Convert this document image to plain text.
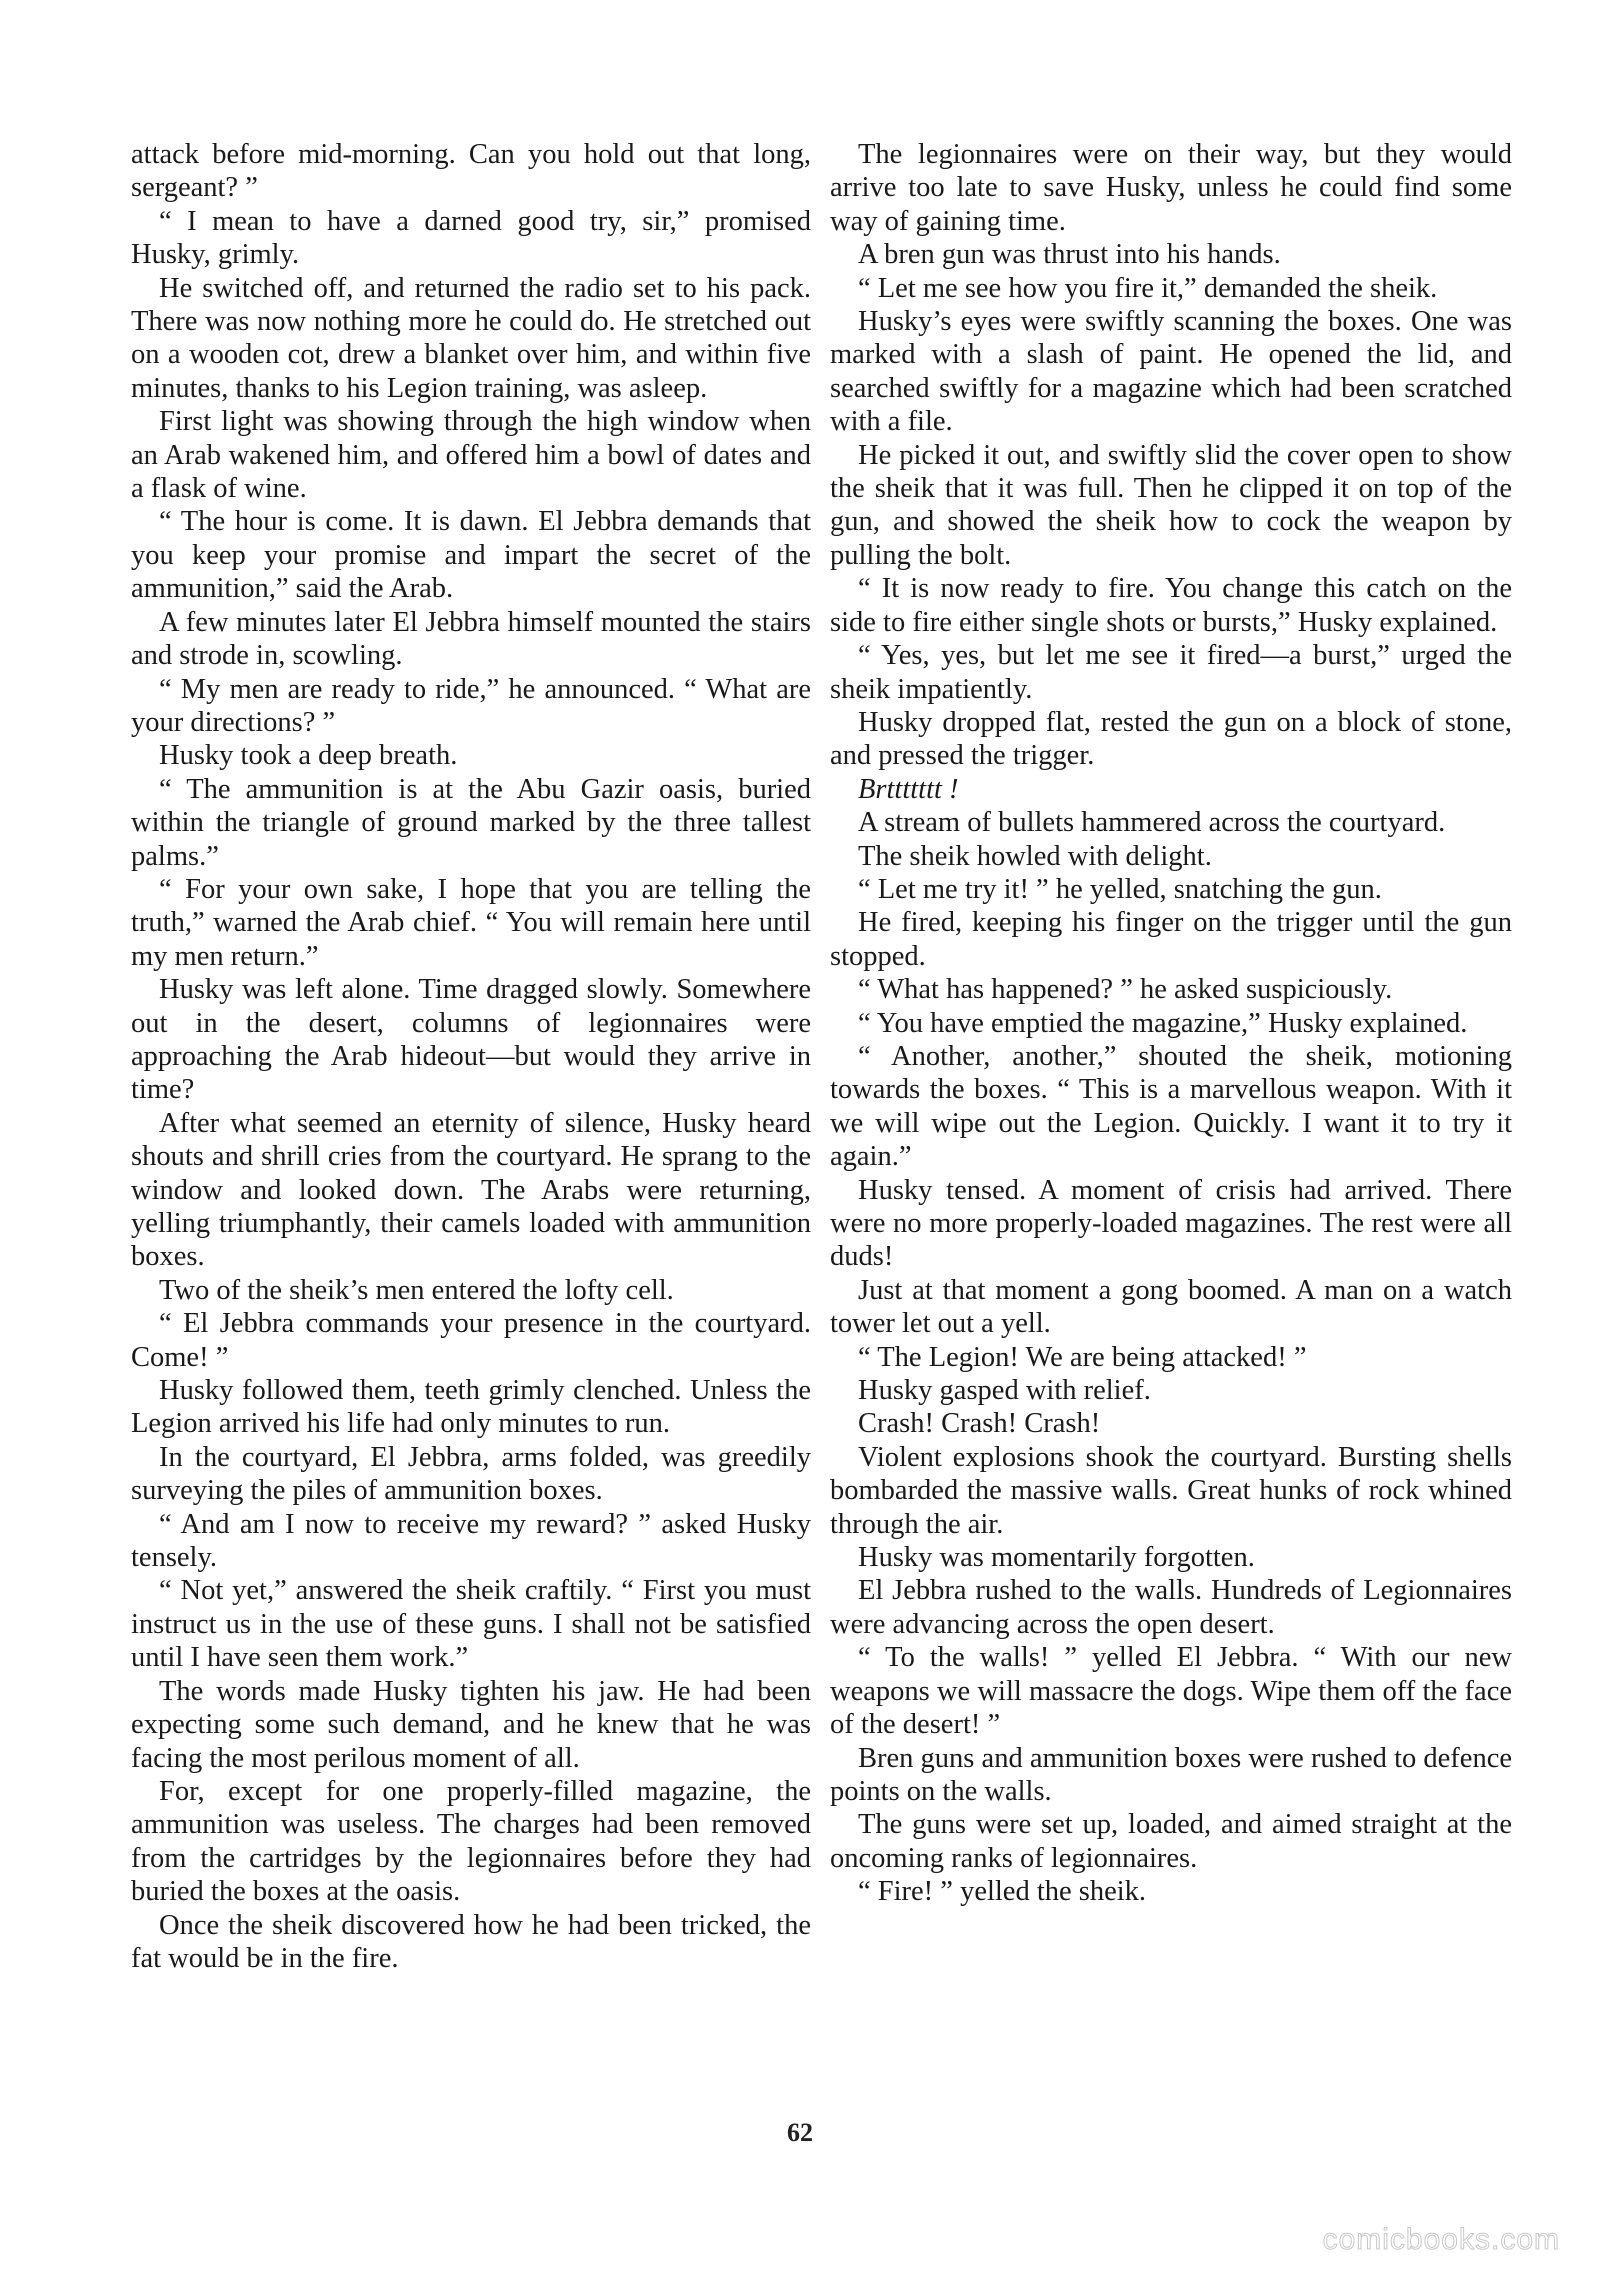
attack before mid-morning. Can you hold out that long, sergeant? ”

“ I mean to have a darned good try, sir,” promised Husky, grimly.

He switched off, and returned the radio set to his pack. There was now nothing more he could do. He stretched out on a wooden cot, drew a blanket over him, and within five minutes, thanks to his Legion training, was asleep.

First light was showing through the high window when an Arab wakened him, and offered him a bowl of dates and a flask of wine.

“ The hour is come. It is dawn. El Jebbra demands that you keep your promise and impart the secret of the ammunition,” said the Arab.

A few minutes later El Jebbra himself mounted the stairs and strode in, scowling.

“ My men are ready to ride,” he announced. “ What are your directions? ”

Husky took a deep breath.

“ The ammunition is at the Abu Gazir oasis, buried within the triangle of ground marked by the three tallest palms.”

“ For your own sake, I hope that you are telling the truth,” warned the Arab chief. “ You will remain here until my men return.”

Husky was left alone. Time dragged slowly. Somewhere out in the desert, columns of legionnaires were approaching the Arab hideout—but would they arrive in time?

After what seemed an eternity of silence, Husky heard shouts and shrill cries from the courtyard. He sprang to the window and looked down. The Arabs were returning, yelling triumphantly, their camels loaded with ammunition boxes.

Two of the sheik’s men entered the lofty cell.

“ El Jebbra commands your presence in the courtyard. Come! ”

Husky followed them, teeth grimly clenched. Unless the Legion arrived his life had only minutes to run.

In the courtyard, El Jebbra, arms folded, was greedily surveying the piles of ammunition boxes.

“ And am I now to receive my reward? ” asked Husky tensely.

“ Not yet,” answered the sheik craftily. “ First you must instruct us in the use of these guns. I shall not be satisfied until I have seen them work.”

The words made Husky tighten his jaw. He had been expecting some such demand, and he knew that he was facing the most perilous moment of all.

For, except for one properly-filled magazine, the ammunition was useless. The charges had been removed from the cartridges by the legionnaires before they had buried the boxes at the oasis.

Once the sheik discovered how he had been tricked, the fat would be in the fire.

The legionnaires were on their way, but they would arrive too late to save Husky, unless he could find some way of gaining time.

A bren gun was thrust into his hands.

“ Let me see how you fire it,” demanded the sheik.

Husky’s eyes were swiftly scanning the boxes. One was marked with a slash of paint. He opened the lid, and searched swiftly for a magazine which had been scratched with a file.

He picked it out, and swiftly slid the cover open to show the sheik that it was full. Then he clipped it on top of the gun, and showed the sheik how to cock the weapon by pulling the bolt.

“ It is now ready to fire. You change this catch on the side to fire either single shots or bursts,” Husky explained.

“ Yes, yes, but let me see it fired—a burst,” urged the sheik impatiently.

Husky dropped flat, rested the gun on a block of stone, and pressed the trigger.

Brttttttt !

A stream of bullets hammered across the courtyard.

The sheik howled with delight.

“ Let me try it! ” he yelled, snatching the gun.

He fired, keeping his finger on the trigger until the gun stopped.

“ What has happened? ” he asked suspiciously.

“ You have emptied the magazine,” Husky explained.

“ Another, another,” shouted the sheik, motioning towards the boxes. “ This is a marvellous weapon. With it we will wipe out the Legion. Quickly. I want it to try it again.”

Husky tensed. A moment of crisis had arrived. There were no more properly-loaded magazines. The rest were all duds!

Just at that moment a gong boomed. A man on a watch tower let out a yell.

“ The Legion! We are being attacked! ”

Husky gasped with relief.

Crash! Crash! Crash!

Violent explosions shook the courtyard. Bursting shells bombarded the massive walls. Great hunks of rock whined through the air.

Husky was momentarily forgotten.

El Jebbra rushed to the walls. Hundreds of Legionnaires were advancing across the open desert.

“ To the walls! ” yelled El Jebbra. “ With our new weapons we will massacre the dogs. Wipe them off the face of the desert! ”

Bren guns and ammunition boxes were rushed to defence points on the walls.

The guns were set up, loaded, and aimed straight at the oncoming ranks of legionnaires.

“ Fire! ” yelled the sheik.

62
comicbooks.com
